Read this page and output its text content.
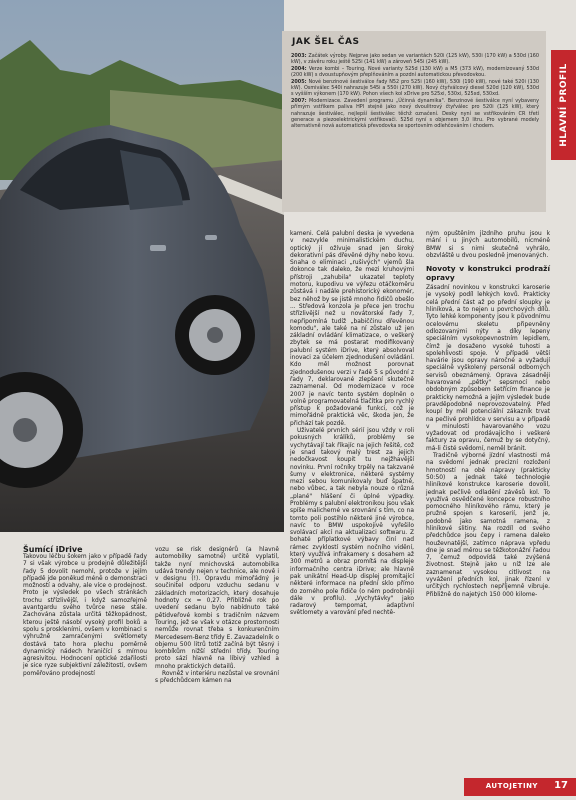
JAK ŠEL ČAS

2003: Začátek výroby. Nejprve jako sedan ve variantách 520i (125 kW), 530i (170 kW) a 530d (160 kW), v závěru roku ještě 525i (141 kW) a zároveň 545i (245 kW).

2004: Verze kombi – Touring. Nové varianty 525d (130 kW) a M5 (373 kW), modernizovaný 530d (200 kW) s dvoustupňovým přeplňováním a pozdní automatickou převodovkou.

2005: Nové benzinové šestiválce řady N52 pro 525i (160 kW), 530i (190 kW), nové také 520i (130 kW). Osmiválec 540i nahrazuje 545i a 550i (270 kW). Nový čtyřválcový diesel 520d (120 kW), 530d s vyšším výkonem (170 kW). Pohon všech kol xDrive pro 525xi, 530xi, 525xd, 530xd.

2007: Modernizace. Zavedení programu „Účinná dynamika". Benzinové šestiválce nyní vybaveny přímým vstřikem paliva HPI stejně jako nový dvoulitrový čtyřválec pro 520i (125 kW), který nahrazuje šestiválec, nejlepší šestiválec těchž označení. Desky nyní se vstřikováním CR třetí generace a piezoelektrickými vstřikovači. 525d nyní s objemem 3,0 litru. Pro vybrané modely alternativně nová automatická převodovka se sportovním odlehčováním i chodem.	HLAVNÍ PROFIL
Šumící iDrive

Takovou léčbu šokem jako v případě řady 7 si však výrobce u prodejně důležitější řady 5 dovolit nemohl, protože v jejím případě jde poněkud méně o demonstraci možností a odvahy, ale více o prodejnost. Proto je výsledek po všech stránkách trochu střízlivější, i když samozřejmě avantgardu svého tvůrce nese stále. Zachována zůstala určitá těžkopádnost, kterou ještě násobí vysoký profil boků a spolu s proskleními, ovšem v kombinaci s výhružně zamračenými světlomety dostává tato hora plechu poměrně dynamický nádech hraničící s mírnou agresivitou. Hodnocení optické zdařilosti je sice ryze subjektivní záležitostí, ovšem poměřováno prodejností

vozu se risk designérů (a hlavně automobilky samotné) určitě vyplatil, takže nyní mnichovská automobilka udává trendy nejen v technice, ale nově i v designu (!). Opravdu mimořádný je součinitel odporu vzduchu sedanu v základních motorizacích, který dosahuje hodnoty cx = 0,27. Přibližně rok po uvedení sedanu bylo nabídnuto také pětidveřové kombi s tradičním názvem Touring, jež se však v otázce prostornosti nemůže rovnat třeba s konkurenčním Mercedesem-Benz třídy E. Zavazadelník o objemu 500 litrů totiž začíná být těsný i kombíkům nižší střední třídy. Touring proto sází hlavně na líbivý vzhled a mnoho praktických detailů.

Rovněž v interiéru nezůstal ve srovnání s předchůdcem kámen na

kameni. Celá palubní deska je vyvedena v nezvykle minimalistickém duchu, optický jí ožívuje snad jen široký dekorativní pás dřevěné dýhy nebo kovu. Snaha o eliminaci „rušivých" vjemů šla dokonce tak daleko, že mezi kruhovými přístroji „zahubila" ukazatel teploty motoru, kupodivu ve výřezu otáčkoměru zůstává i nadále prehistorický ekonomér, bez něhož by se jistě mnoho řidičů obešlo ... Středová konzola je přece jen trochu střízlivější než u novátorské řady 7, nepřipomíná tudíž „babiččinu dřevěnou komodu", ale také na ní zůstalo už jen základní ovládání klimatizace, o veškerý zbytek se má postarat modifikovaný palubní systém iDrive, který absolvoval inovaci za účelem zjednodušení ovládání. Kdo měl možnost porovnat zjednodušenou verzi v řadě 5 s původní z řady 7, deklarované zlepšení skutečně zaznamenal. Od modernizace v roce 2007 je navíc tento systém doplněn o volně programovatelná tlačítka pro rychlý přístup k požadované funkci, což je mimořádně praktická věc, škoda jen, že přichází tak pozdě.

Uživatelé prvních sérií jsou vždy v roli pokusných králíků, problémy se vychytávají tak říkajíc na jejich řešitě, což je snad takový malý trest za jejich nedočkavost koupit tu nejžhavější novinku. První ročníky trpěly na takzvané šumy v elektronice, některé systémy mezi sebou komunikovaly buď špatně, nebo vůbec, a tak nebyla nouze o různá „plané" hlášení či úplné výpadky. Problémy s palubní elektronikou jsou však spíše malicherné ve srovnání s tím, co na tomto poli postihlo některé jiné výrobce, navíc to BMW uspokojivě vyřešilo svolávací akcí na aktualizaci softwaru. Z bohaté příplatkové výbavy činí nad rámec zvyklostí systém nočního vidění, který využívá infrakamery s dosahem až 300 metrů a obraz promítá na displeje informačního centra iDrive; ale hlavně pak unikátní Head-Up displej promítající některé informace na přední sklo přímo do zorného pole řidiče (o něm podrobněji dále v profilu). „Vychytávky" jako radarový tempomat, adaptivní světlomety a varování před nechtě-

ným opuštěním jízdního pruhu jsou k mání i u jiných automobilů, nicméně BMW si s nimi skutečně vyhrálo, obzvláště u dvou posledně jmenovaných.

Novoty v konstrukci prodraží opravy

Zásadní novinkou v konstrukci karoserie je vysoký podíl lehkých kovů. Prakticky celá přední část až po přední sloupky je hliníková, a to nejen u povrchových dílů. Tyto lehké komponenty jsou k původnímu ocelovému skeletu připevněny odlozovanými nýty a díky lepeny speciálním vysokopevnostním lepidlem, čímž je dosaženo vysoké tuhosti a spolehlivosti spoje. V případě větší havárie jsou opravy náročné a vyžadují speciálně vyškolený personál odborných servisů obeznámený. Oprava zásadněji havarované „pětky" sepsmocí nebo obdobným způsobem šetřícím finance je prakticky nemožná a jejím výsledek bude pravděpodobně neprovozovatelný. Před koupí by měl potenciální zákazník trvat na pečlivé prohlídce v servisu a v případě v minulosti havarovaného vozu vyžadovat od prodávajícího i veškeré faktury za opravu, čemuž by se dotyčný, má-li čisté svědomí, neměl bránit.

Tradičně výborné jízdní vlastnosti má na svědomí jednak precizní rozložení hmotností na obě nápravy (prakticky 50:50) a jednak také technologie hliníkové konstrukce karoserie dovolil, jednak pečlivě odladění závěsů kol. To využívá osvědčené koncepce robustního pomocného hliníkového rámu, který je pružně spojen s karoserií, jenž je, podobně jako samotná ramena, z hliníkové slitiny. Na rozdíl od svého předchůdce jsou čepy i ramena daleko houževnatější, zatímco náprava vpředu dne je snad měrou se těžkotonážní řadou 7, čemuž odpovídá také zvýšená životnost. Stejně jako u níž lze ale zaznamenat vysokou citlivost na vyvážení předních kol, jinak řízení v určitých rychlostech nepříjemně vibruje. Přibližně do najetých 150 000 kilome-

AUTOJETINY 17
